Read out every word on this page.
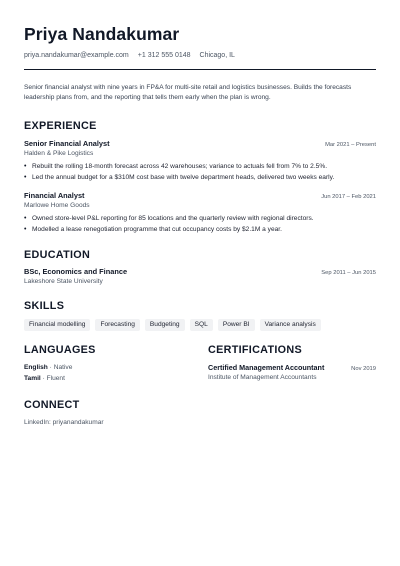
Priya Nandakumar
priya.nandakumar@example.com +1 312 555 0148 Chicago, IL

Senior financial analyst with nine years in FP&A for multi-site retail and logistics businesses. Builds the forecasts leadership plans from, and the reporting that tells them early when the plan is wrong.

EXPERIENCE
Senior Financial Analyst	Mar 2021 – Present
Halden & Pike Logistics
• Rebuilt the rolling 18-month forecast across 42 warehouses; variance to actuals fell from 7% to 2.5%.
• Led the annual budget for a $310M cost base with twelve department heads, delivered two weeks early.
Financial Analyst	Jun 2017 – Feb 2021
Marlowe Home Goods
• Owned store-level P&L reporting for 85 locations and the quarterly review with regional directors.
• Modelled a lease renegotiation programme that cut occupancy costs by $2.1M a year.
EDUCATION
BSc, Economics and Finance	Sep 2011 – Jun 2015
Lakeshore State University
SKILLS
Financial modelling	Forecasting	Budgeting	SQL	Power BI	Variance analysis
LANGUAGES
English · Native
Tamil · Fluent
CERTIFICATIONS
Certified Management Accountant	Nov 2019
Institute of Management Accountants
CONNECT
LinkedIn: priyanandakumar
